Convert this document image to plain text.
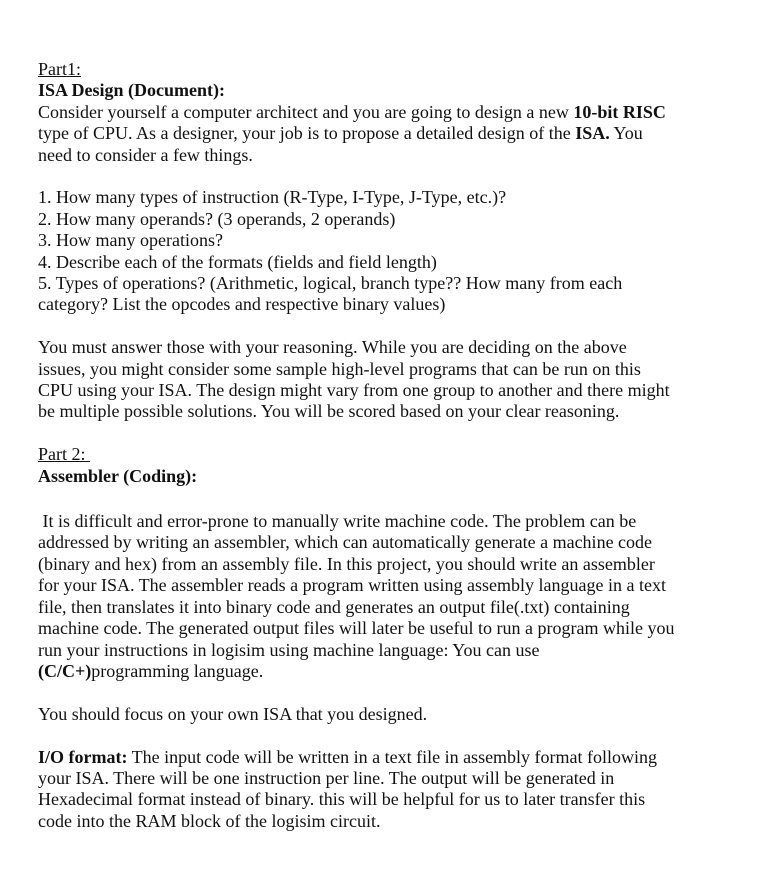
Part1:
ISA Design (Document):
Consider yourself a computer architect and you are going to design a new 10-bit RISC
type of CPU. As a designer, your job is to propose a detailed design of the ISA. You
need to consider a few things.
1. How many types of instruction (R-Type, I-Type, J-Type, etc.)?
2. How many operands? (3 operands, 2 operands)
3. How many operations?
4. Describe each of the formats (fields and field length)
5. Types of operations? (Arithmetic, logical, branch type?? How many from each
category? List the opcodes and respective binary values)
You must answer those with your reasoning. While you are deciding on the above
issues, you might consider some sample high-level programs that can be run on this
CPU using your ISA. The design might vary from one group to another and there might
be multiple possible solutions. You will be scored based on your clear reasoning.
Part 2:
Assembler (Coding):
It is difficult and error-prone to manually write machine code. The problem can be
addressed by writing an assembler, which can automatically generate a machine code
(binary and hex) from an assembly file. In this project, you should write an assembler
for your ISA. The assembler reads a program written using assembly language in a text
file, then translates it into binary code and generates an output file(.txt) containing
machine code. The generated output files will later be useful to run a program while you
run your instructions in logisim using machine language: You can use
(C/C+)programming language.
You should focus on your own ISA that you designed.
I/O format: The input code will be written in a text file in assembly format following
your ISA. There will be one instruction per line. The output will be generated in
Hexadecimal format instead of binary. this will be helpful for us to later transfer this
code into the RAM block of the logisim circuit.
